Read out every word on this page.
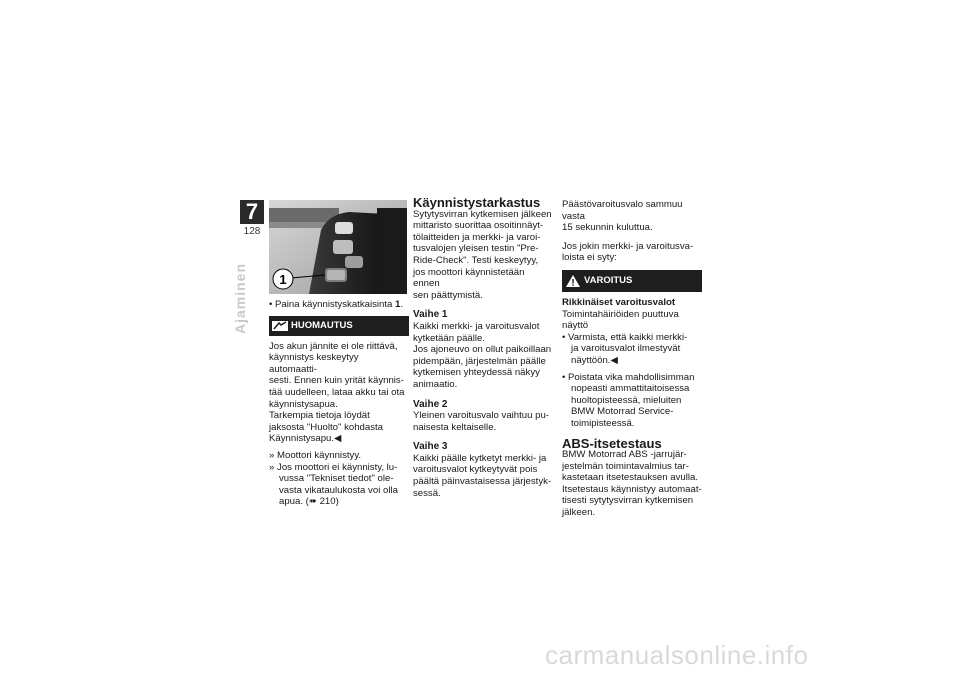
7
128
Ajaminen 1

• Paina käynnistyskatkaisinta 1.

HUOMAUTUS

Jos akun jännite ei ole riittävä,

käynnistys keskeytyy automaatti-

sesti. Ennen kuin yrität käynnis-

tää uudelleen, lataa akku tai ota

käynnistysapua.

Tarkempia tietoja löydät

jaksosta "Huolto" kohdasta

Käynnistysapu.◀

» Moottori käynnistyy.

» Jos moottori ei käynnisty, lu-

vussa "Tekniset tiedot" ole-

vasta vikataulukosta voi olla

apua. (➠ 210)

Käynnistystarkastus

Sytytysvirran kytkemisen jälkeen

mittaristo suorittaa osoitinnäyt-

tölaitteiden ja merkki- ja varoi-

tusvalojen yleisen testin "Pre-

Ride-Check". Testi keskeytyy,

jos moottori käynnistetään ennen

sen päättymistä.

Vaihe 1

Kaikki merkki- ja varoitusvalot

kytketään päälle.

Jos ajoneuvo on ollut paikoillaan

pidempään, järjestelmän päälle

kytkemisen yhteydessä näkyy

animaatio.

Vaihe 2

Yleinen varoitusvalo vaihtuu pu-

naisesta keltaiselle.

Vaihe 3

Kaikki päälle kytketyt merkki- ja

varoitusvalot kytkeytyvät pois

päältä päinvastaisessa järjestyk-

sessä.

Päästövaroitusvalo sammuu vasta

15 sekunnin kuluttua.

Jos jokin merkki- ja varoitusva-

loista ei syty:

VAROITUS

Rikkinäiset varoitusvalot

Toimintahäiriöiden puuttuva

näyttö

• Varmista, että kaikki merkki-

ja varoitusvalot ilmestyvät

näyttöön.◀

• Poistata vika mahdollisimman

nopeasti ammattitaitoisessa

huoltopisteessä, mieluiten

BMW Motorrad Service-

toimipisteessä.

ABS-itsetestaus

BMW Motorrad ABS -jarrujär-

jestelmän toimintavalmius tar-

kastetaan itsetestauksen avulla.

Itsetestaus käynnistyy automaat-

tisesti sytytysvirran kytkemisen

jälkeen.

carmanualsonline.info
